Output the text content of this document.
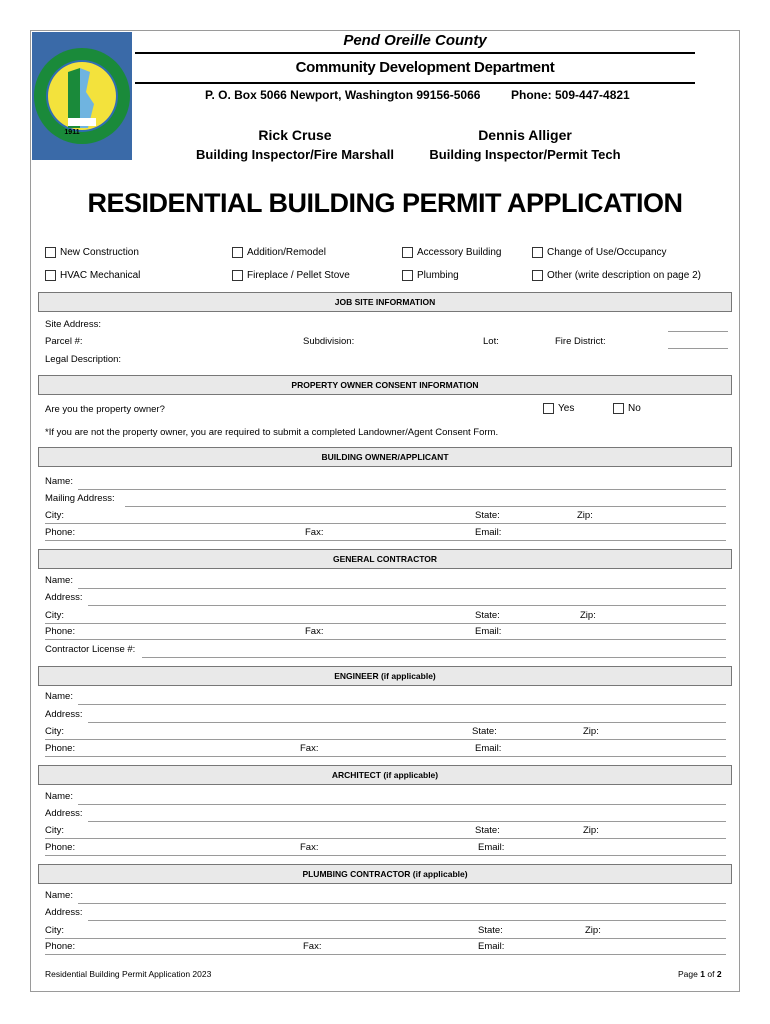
1911
Pend Oreille County
Community Development Department
P. O. Box 5066 Newport, Washington 99156-5066	Phone: 509-447-4821
Rick Cruse
Building Inspector/Fire Marshall
Dennis Alliger
Building Inspector/Permit Tech
RESIDENTIAL BUILDING PERMIT APPLICATION
New Construction	Addition/Remodel	Accessory Building	Change of Use/Occupancy
HVAC Mechanical	Fireplace / Pellet Stove	Plumbing	Other (write description on page 2)
JOB SITE INFORMATION
Site Address:
Parcel #:	Subdivision:	Lot:	Fire District:
Legal Description:
PROPERTY OWNER CONSENT INFORMATION
Are you the property owner?	Yes	No
*If you are not the property owner, you are required to submit a completed Landowner/Agent Consent Form.
BUILDING OWNER/APPLICANT
Name:
Mailing Address:
City:	State:	Zip:
Phone:	Fax:	Email:
GENERAL CONTRACTOR
Name:
Address:
City:	State:	Zip:
Phone:	Fax:	Email:
Contractor License #:
ENGINEER (if applicable)
Name:
Address:
City:	State:	Zip:
Phone:	Fax:	Email:
ARCHITECT (if applicable)
Name:
Address:
City:	State:	Zip:
Phone:	Fax:	Email:
PLUMBING CONTRACTOR (if applicable)
Name:
Address:
City:	State:	Zip:
Phone:	Fax:	Email:
Residential Building Permit Application 2023	Page 1 of 2
